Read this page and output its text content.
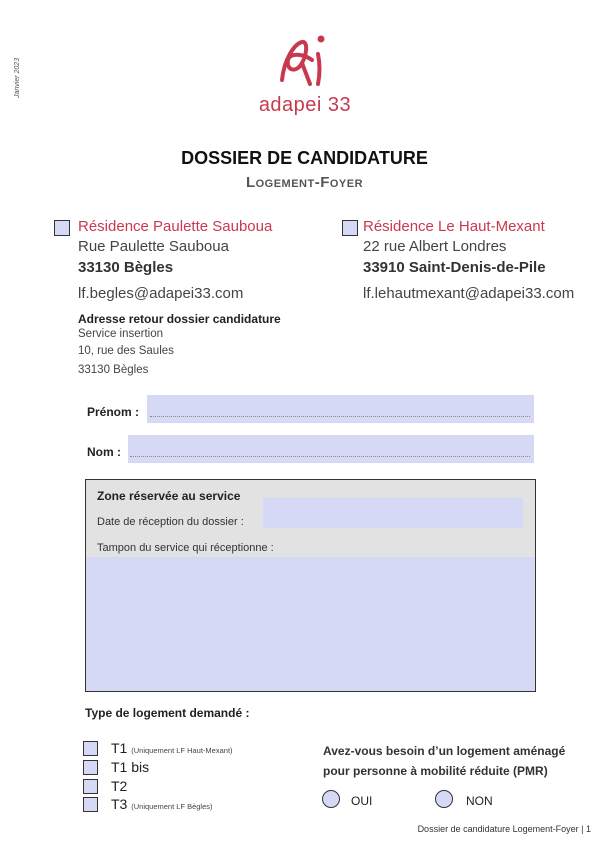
Janvier 2023
adapei 33
DOSSIER DE CANDIDATURE
Logement-Foyer
Résidence Paulette Sauboua
Rue Paulette Sauboua
33130 Bègles
lf.begles@adapei33.com
Résidence Le Haut-Mexant
22 rue Albert Londres
33910 Saint-Denis-de-Pile
lf.lehautmexant@adapei33.com
Adresse retour dossier candidature
Service insertion
10, rue des Saules
33130 Bègles
Prénom :
Nom :
Zone réservée au service
Date de réception du dossier :
Tampon du service qui réceptionne :
Type de logement demandé :
T1 (Uniquement LF Haut-Mexant)
T1 bis
T2
T3 (Uniquement LF Bègles)
Avez-vous besoin d’un logement aménagé
pour personne à mobilité réduite (PMR)
OUI	NON
Dossier de candidature Logement-Foyer | 1
